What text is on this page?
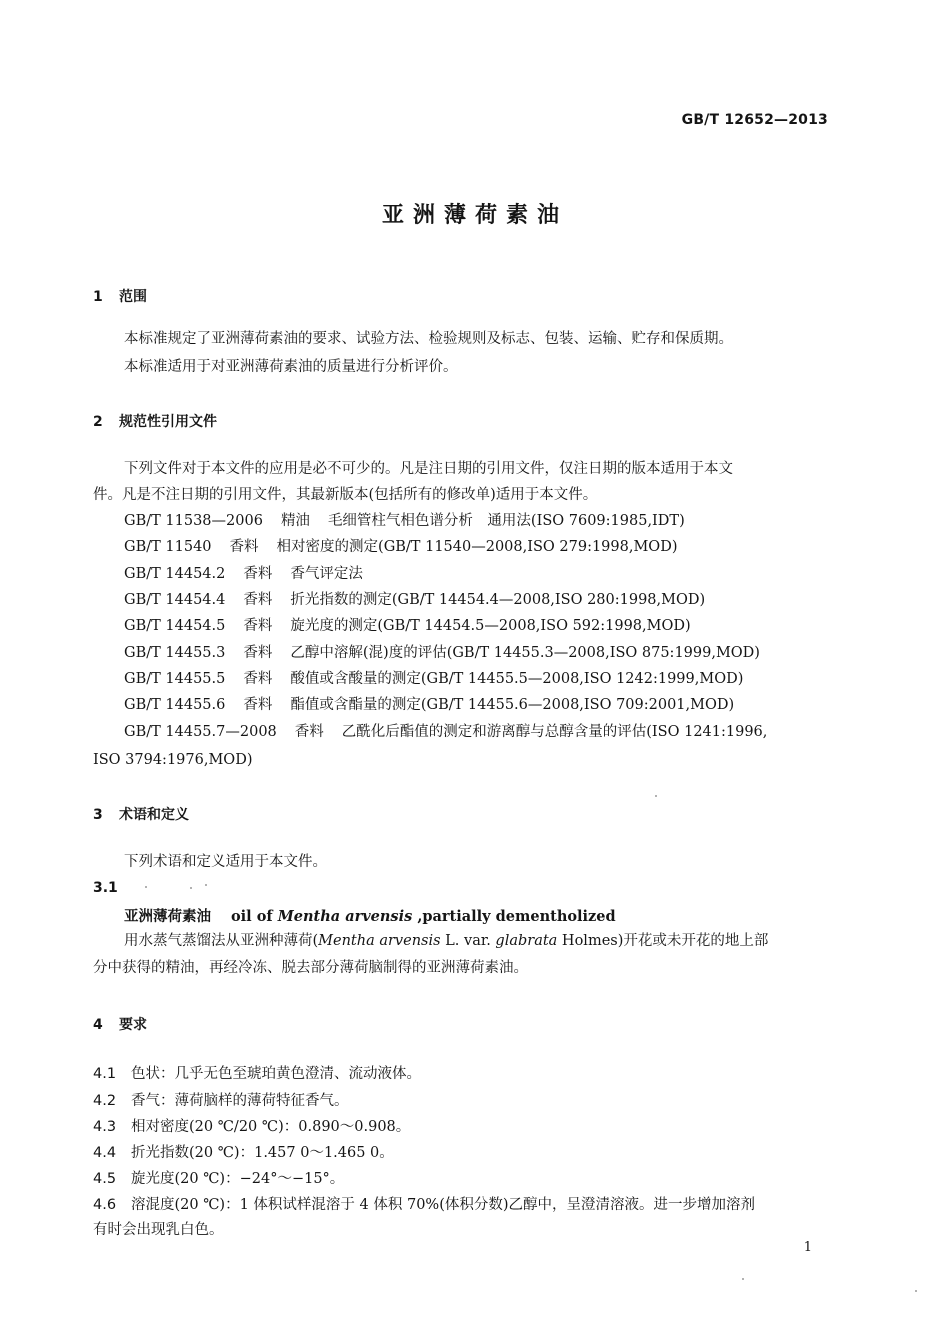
GB/T 12652—2013
亚洲薄荷素油
1 范围
本标准规定了亚洲薄荷素油的要求、试验方法、检验规则及标志、包装、运输、贮存和保质期。
本标准适用于对亚洲薄荷素油的质量进行分析评价。
2 规范性引用文件
下列文件对于本文件的应用是必不可少的。凡是注日期的引用文件，仅注日期的版本适用于本文
件。凡是不注日期的引用文件，其最新版本(包括所有的修改单)适用于本文件。
GB/T 11538—2006 精油 毛细管柱气相色谱分析　通用法(ISO 7609:1985,IDT)
GB/T 11540 香料 相对密度的测定(GB/T 11540—2008,ISO 279:1998,MOD)
GB/T 14454.2 香料 香气评定法
GB/T 14454.4 香料 折光指数的测定(GB/T 14454.4—2008,ISO 280:1998,MOD)
GB/T 14454.5 香料 旋光度的测定(GB/T 14454.5—2008,ISO 592:1998,MOD)
GB/T 14455.3 香料 乙醇中溶解(混)度的评估(GB/T 14455.3—2008,ISO 875:1999,MOD)
GB/T 14455.5 香料 酸值或含酸量的测定(GB/T 14455.5—2008,ISO 1242:1999,MOD)
GB/T 14455.6 香料 酯值或含酯量的测定(GB/T 14455.6—2008,ISO 709:2001,MOD)
GB/T 14455.7—2008 香料 乙酰化后酯值的测定和游离醇与总醇含量的评估(ISO 1241:1996,
ISO 3794:1976,MOD)
3 术语和定义
下列术语和定义适用于本文件。
3.1
亚洲薄荷素油 oil of Mentha arvensis ,partially dementholized
用水蒸气蒸馏法从亚洲种薄荷(Mentha arvensis L. var. glabrata Holmes)开花或未开花的地上部
分中获得的精油，再经冷冻、脱去部分薄荷脑制得的亚洲薄荷素油。
4 要求
4.1 色状：几乎无色至琥珀黄色澄清、流动液体。
4.2 香气：薄荷脑样的薄荷特征香气。
4.3 相对密度(20 ℃/20 ℃)：0.890～0.908。
4.4 折光指数(20 ℃)：1.457 0～1.465 0。
4.5 旋光度(20 ℃)：−24°～−15°。
4.6 溶混度(20 ℃)：1 体积试样混溶于 4 体积 70%(体积分数)乙醇中，呈澄清溶液。进一步增加溶剂
有时会出现乳白色。
1
